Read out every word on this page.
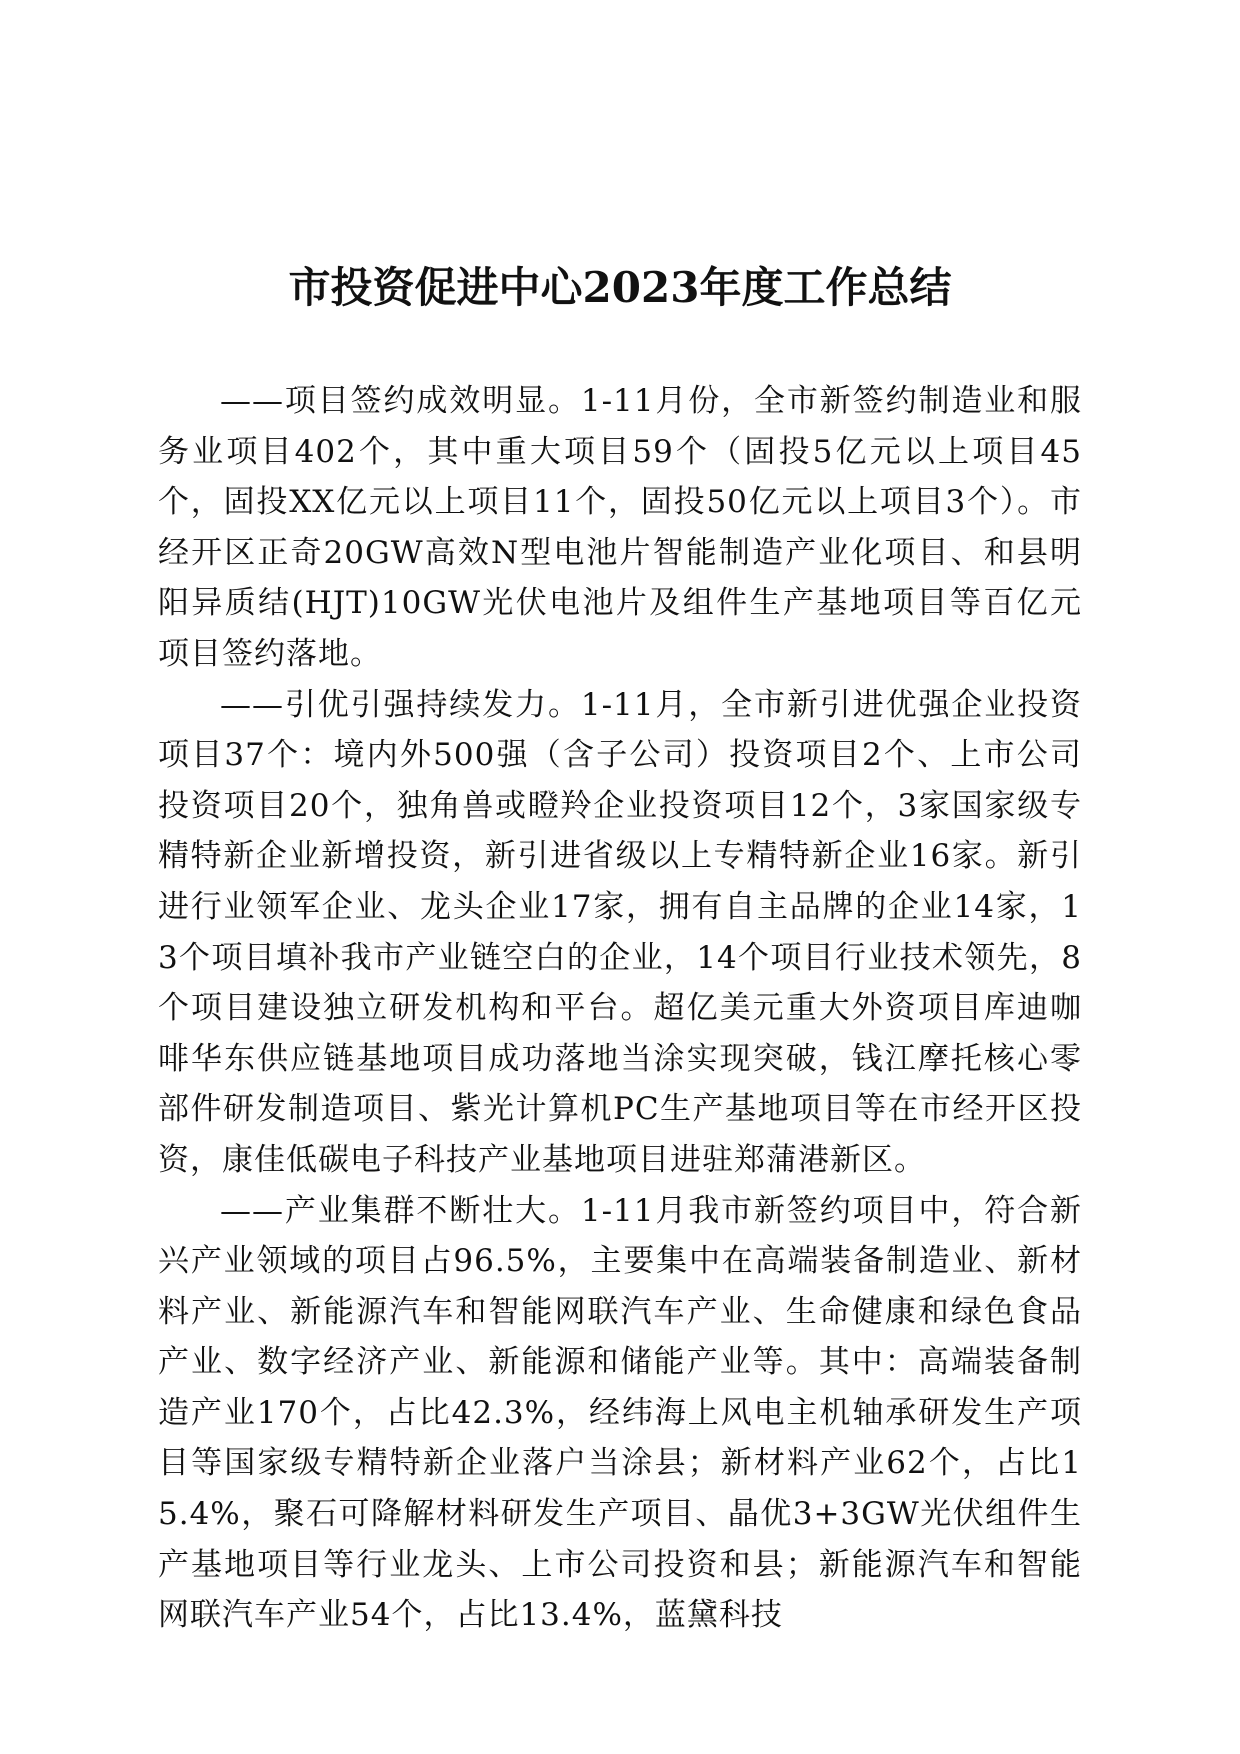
市投资促进中心2023年度工作总结

——项目签约成效明显。1-11月份，全市新签约制造业和服务业项目402个，其中重大项目59个（固投5亿元以上项目45个，固投XX亿元以上项目11个，固投50亿元以上项目3个）。市经开区正奇20GW高效N型电池片智能制造产业化项目、和县明阳异质结(HJT)10GW光伏电池片及组件生产基地项目等百亿元项目签约落地。

——引优引强持续发力。1-11月，全市新引进优强企业投资项目37个：境内外500强（含子公司）投资项目2个、上市公司投资项目20个，独角兽或瞪羚企业投资项目12个，3家国家级专精特新企业新增投资，新引进省级以上专精特新企业16家。新引进行业领军企业、龙头企业17家，拥有自主品牌的企业14家，13个项目填补我市产业链空白的企业，14个项目行业技术领先，8个项目建设独立研发机构和平台。超亿美元重大外资项目库迪咖啡华东供应链基地项目成功落地当涂实现突破，钱江摩托核心零部件研发制造项目、紫光计算机PC生产基地项目等在市经开区投资，康佳低碳电子科技产业基地项目进驻郑蒲港新区。

——产业集群不断壮大。1-11月我市新签约项目中，符合新兴产业领域的项目占96.5%，主要集中在高端装备制造业、新材料产业、新能源汽车和智能网联汽车产业、生命健康和绿色食品产业、数字经济产业、新能源和储能产业等。其中：高端装备制造产业170个，占比42.3%，经纬海上风电主机轴承研发生产项目等国家级专精特新企业落户当涂县；新材料产业62个，占比15.4%，聚石可降解材料研发生产项目、晶优3+3GW光伏组件生产基地项目等行业龙头、上市公司投资和县；新能源汽车和智能网联汽车产业54个，占比13.4%，蓝黛科技
